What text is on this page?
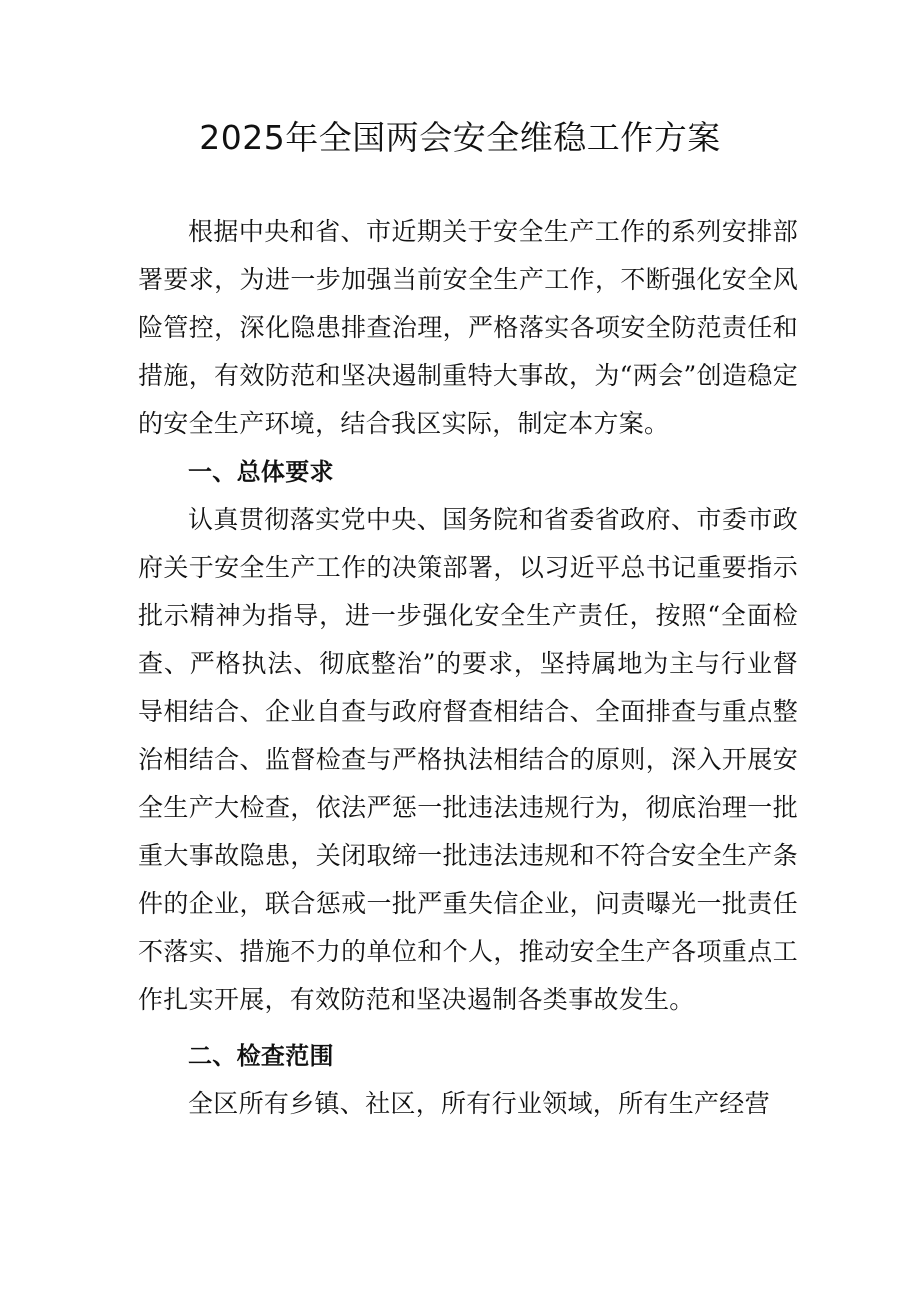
2025年全国两会安全维稳工作方案

根据中央和省、市近期关于安全生产工作的系列安排部署要求，为进一步加强当前安全生产工作，不断强化安全风险管控，深化隐患排查治理，严格落实各项安全防范责任和措施，有效防范和坚决遏制重特大事故，为“两会”创造稳定的安全生产环境，结合我区实际，制定本方案。

一、总体要求

认真贯彻落实党中央、国务院和省委省政府、市委市政府关于安全生产工作的决策部署，以习近平总书记重要指示批示精神为指导，进一步强化安全生产责任，按照“全面检查、严格执法、彻底整治”的要求，坚持属地为主与行业督导相结合、企业自查与政府督查相结合、全面排查与重点整治相结合、监督检查与严格执法相结合的原则，深入开展安全生产大检查，依法严惩一批违法违规行为，彻底治理一批重大事故隐患，关闭取缔一批违法违规和不符合安全生产条件的企业，联合惩戒一批严重失信企业，问责曝光一批责任不落实、措施不力的单位和个人，推动安全生产各项重点工作扎实开展，有效防范和坚决遏制各类事故发生。

二、检查范围

全区所有乡镇、社区，所有行业领域，所有生产经营
